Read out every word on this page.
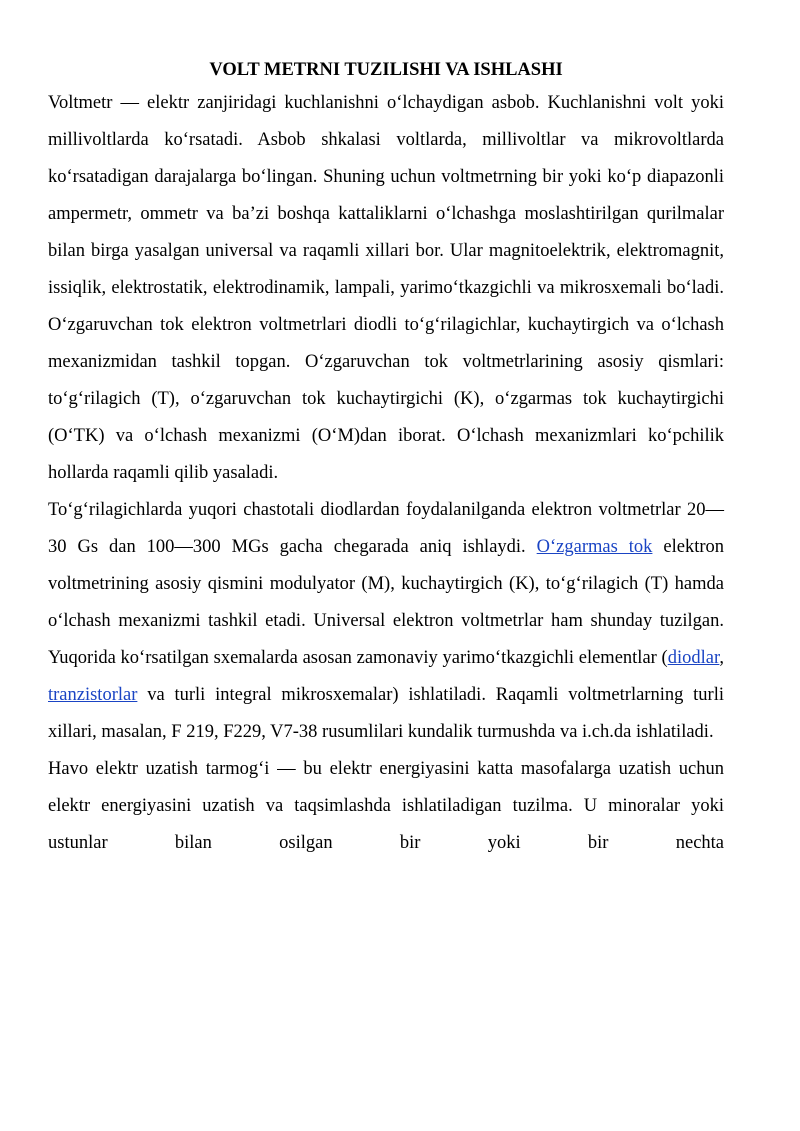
VOLT METRNI TUZILISHI VA ISHLASHI

Voltmetr — elektr zanjiridagi kuchlanishni o‘lchaydigan asbob. Kuchlanishni volt yoki millivoltlarda ko‘rsatadi. Asbob shkalasi voltlarda, millivoltlar va mikrovoltlarda ko‘rsatadigan darajalarga bo‘lingan. Shuning uchun voltmetrning bir yoki ko‘p diapazonli ampermetr, ommetr va ba’zi boshqa kattaliklarni o‘lchashga moslashtirilgan qurilmalar bilan birga yasalgan universal va raqamli xillari bor. Ular magnitoelektrik, elektromagnit, issiqlik, elektrostatik, elektrodinamik, lampali, yarimo‘tkazgichli va mikrosxemali bo‘ladi. O‘zgaruvchan tok elektron voltmetrlari diodli to‘g‘rilagichlar, kuchaytirgich va o‘lchash mexanizmidan tashkil topgan. O‘zgaruvchan tok voltmetrlarining asosiy qismlari: to‘g‘rilagich (T), o‘zgaruvchan tok kuchaytirgichi (K), o‘zgarmas tok kuchaytirgichi (O‘TK) va o‘lchash mexanizmi (O‘M)dan iborat. O‘lchash mexanizmlari ko‘pchilik hollarda raqamli qilib yasaladi.

To‘g‘rilagichlarda yuqori chastotali diodlardan foydalanilganda elektron voltmetrlar 20—30 Gs dan 100—300 MGs gacha chegarada aniq ishlaydi. O‘zgarmas tok elektron voltmetrining asosiy qismini modulyator (M), kuchaytirgich (K), to‘g‘rilagich (T) hamda o‘lchash mexanizmi tashkil etadi. Universal elektron voltmetrlar ham shunday tuzilgan. Yuqorida ko‘rsatilgan sxemalarda asosan zamonaviy yarimo‘tkazgichli elementlar (diodlar, tranzistorlar va turli integral mikrosxemalar) ishlatiladi. Raqamli voltmetrlarning turli xillari, masalan, F 219, F229, V7-38 rusumlilari kundalik turmushda va i.ch.da ishlatiladi.

Havo elektr uzatish tarmog‘i — bu elektr energiyasini katta masofalarga uzatish uchun elektr energiyasini uzatish va taqsimlashda ishlatiladigan tuzilma. U minoralar yoki ustunlar bilan osilgan bir yoki bir nechta
